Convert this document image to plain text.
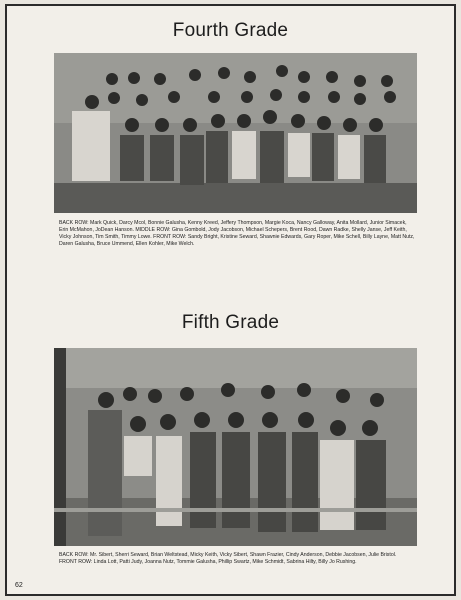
Fourth Grade
BACK ROW: Mark Quick, Darcy Mcol, Bonnie Galusha, Kenny Kreed, Jeffery Thompson, Margie Koca, Nancy Galloway, Anita Mollard, Junior Simacek, Erin McMahon, JoDean Hanson. MIDDLE ROW: Gina Gombold, Jody Jacobson, Michael Schepers, Brent Rood, Dawn Radke, Shelly Janse, Jeff Keith, Vicky Johnson, Tim Smith, Timmy Lowe. FRONT ROW: Sandy Bright, Kristine Seward, Shawnie Edwards, Gary Roper, Mike Schell, Billy Layne, Matt Nutz, Daren Galusha, Bruce Ummend, Ellen Kohler, Mike Welch.
Fifth Grade
BACK ROW: Mr. Sibert, Sherri Seward, Brian Weltstead, Micky Keith, Vicky Sibert, Shawn Frazier, Cindy Anderson, Debbie Jacobsen, Julie Bristol. FRONT ROW: Linda Lott, Patti Judy, Joanna Nutz, Tommie Galusha, Phillip Swartz, Mike Schmidt, Sabrina Hilty, Billy Jo Rushing.
62
